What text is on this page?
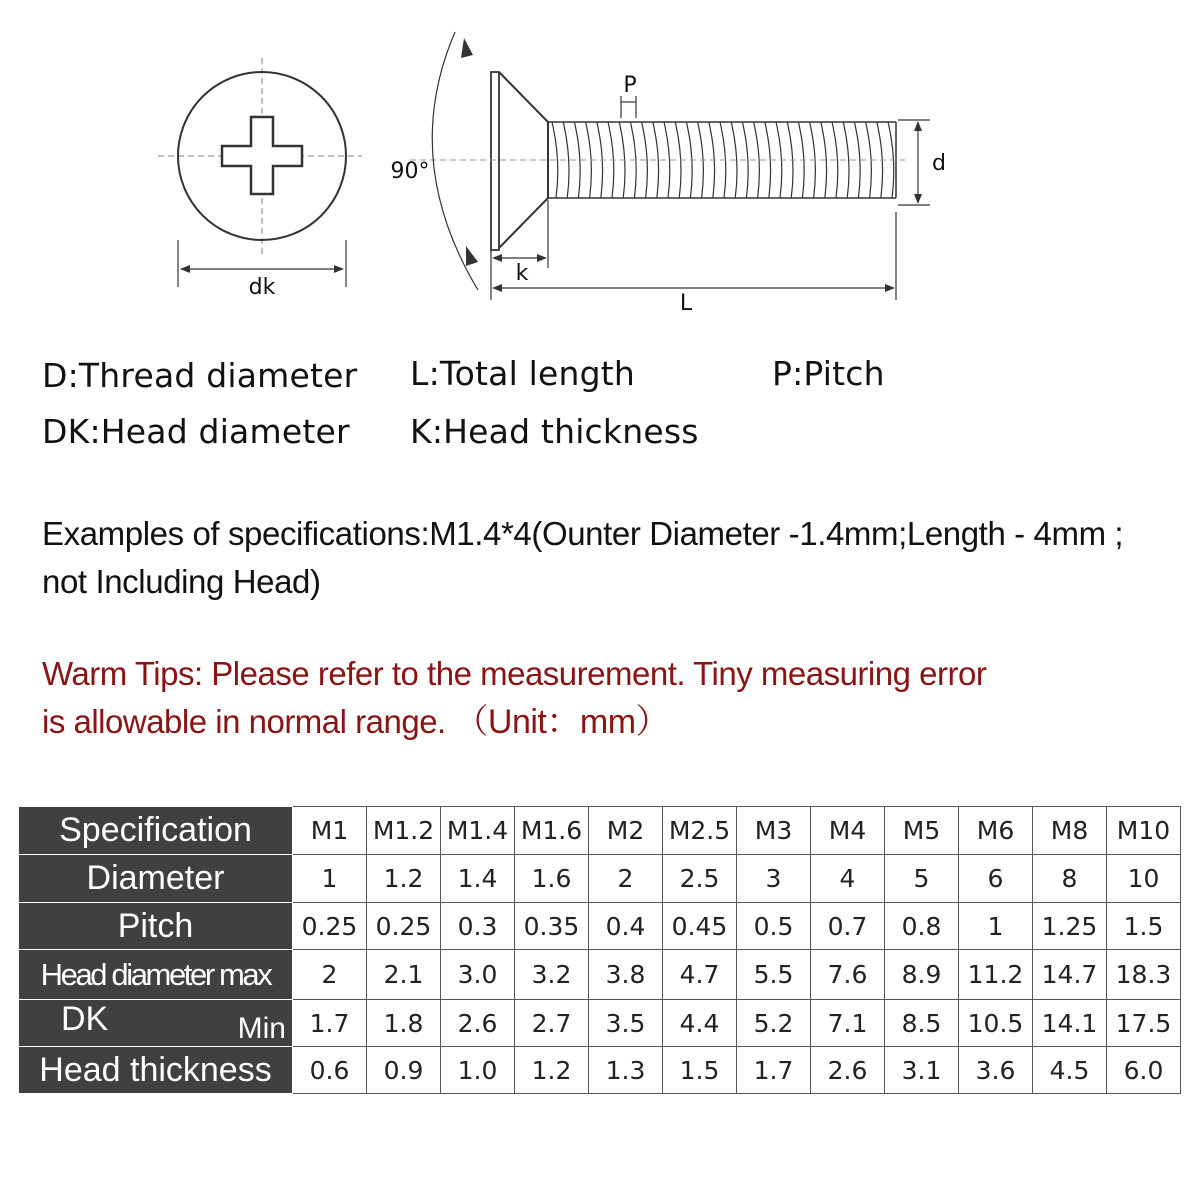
dk
90°
P
d
k
L
D:Thread diameter
DK:Head diameter
L:Total length
K:Head thickness
P:Pitch
Examples of specifications:M1.4*4(Ounter Diameter -1.4mm;Length - 4mm ;
not Including Head)
Warm Tips: Please refer to the measurement. Tiny measuring error
is allowable in normal range. （Unit：mm）
Specification	M1	M1.2	M1.4	M1.6	M2	M2.5	M3	M4	M5	M6	M8	M10
Diameter	1	1.2	1.4	1.6	2	2.5	3	4	5	6	8	10
Pitch	0.25	0.25	0.3	0.35	0.4	0.45	0.5	0.7	0.8	1	1.25	1.5
Head diameter max	2	2.1	3.0	3.2	3.8	4.7	5.5	7.6	8.9	11.2	14.7	18.3

DK Min	1.7	1.8	2.6	2.7	3.5	4.4	5.2	7.1	8.5	10.5	14.1	17.5
Head thickness	0.6	0.9	1.0	1.2	1.3	1.5	1.7	2.6	3.1	3.6	4.5	6.0
